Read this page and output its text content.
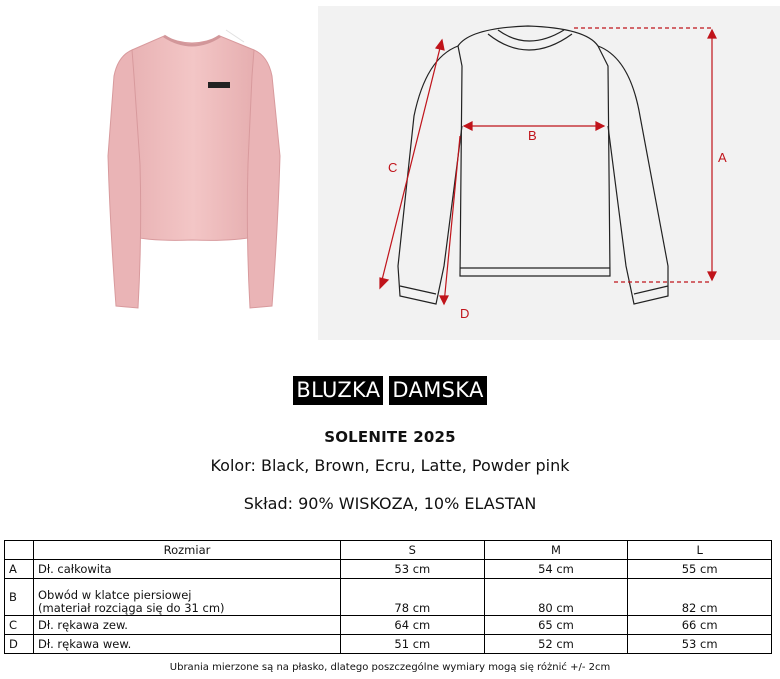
B
A
C
D
BLUZKA DAMSKA
SOLENITE 2025
Kolor: Black, Brown, Ecru, Latte, Powder pink
Skład: 90% WISKOZA, 10% ELASTAN
	Rozmiar	S	M	L
A	Dł. całkowita	53 cm	54 cm	55 cm
B	Obwód w klatce piersiowej
(materiał rozciąga się do 31 cm)	78 cm	80 cm	82 cm
C	Dł. rękawa zew.	64 cm	65 cm	66 cm
D	Dł. rękawa wew.	51 cm	52 cm	53 cm
Ubrania mierzone są na płasko, dlatego poszczególne wymiary mogą się różnić +/- 2cm
